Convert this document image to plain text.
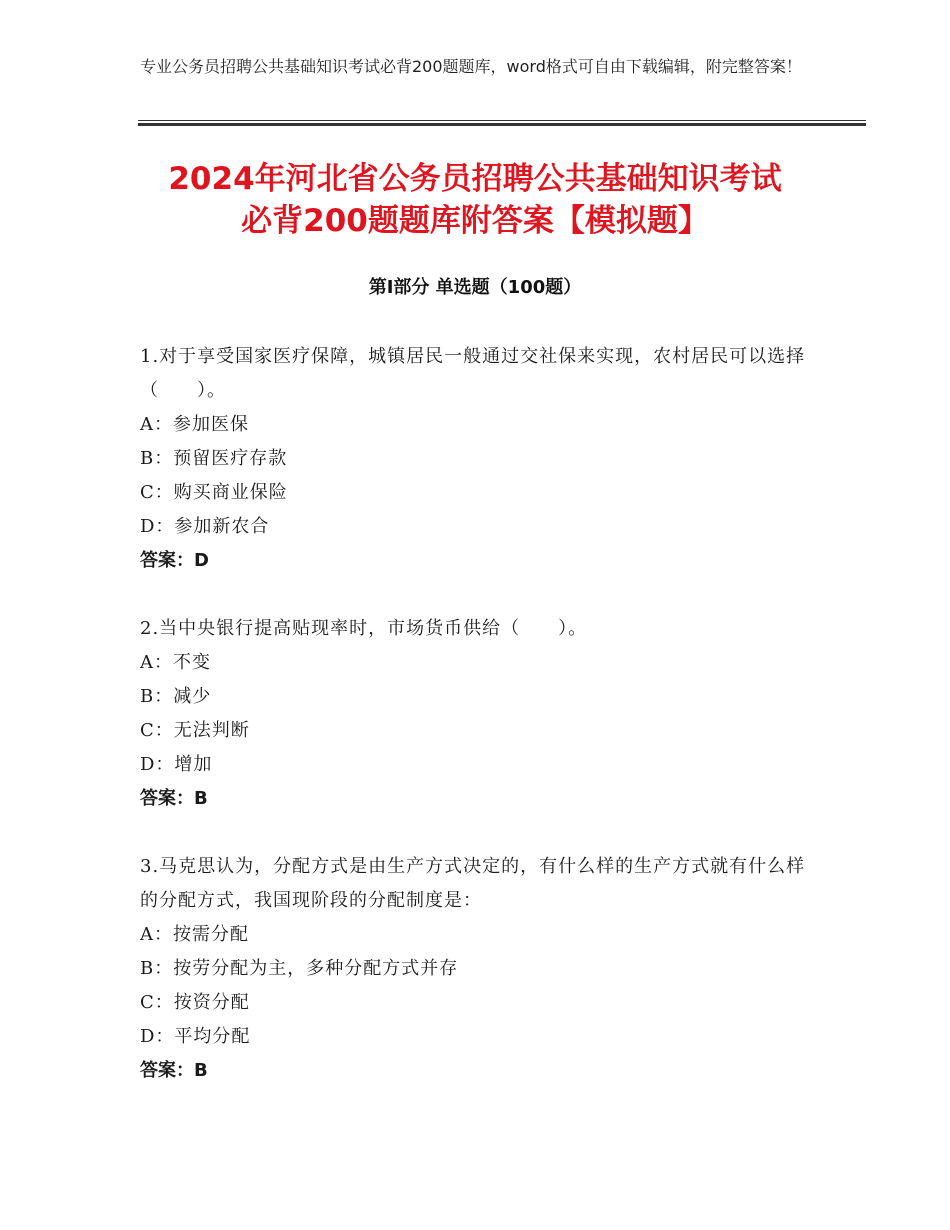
专业公务员招聘公共基础知识考试必背200题题库，word格式可自由下载编辑，附完整答案！
2024年河北省公务员招聘公共基础知识考试
必背200题题库附答案【模拟题】
第Ⅰ部分 单选题（100题）
1.对于享受国家医疗保障，城镇居民一般通过交社保来实现，农村居民可以选择（　　）。
A：参加医保
B：预留医疗存款
C：购买商业保险
D：参加新农合
答案：D
2.当中央银行提高贴现率时，市场货币供给（　　）。
A：不变
B：减少
C：无法判断
D：增加
答案：B
3.马克思认为，分配方式是由生产方式决定的，有什么样的生产方式就有什么样的分配方式，我国现阶段的分配制度是：
A：按需分配
B：按劳分配为主，多种分配方式并存
C：按资分配
D：平均分配
答案：B
